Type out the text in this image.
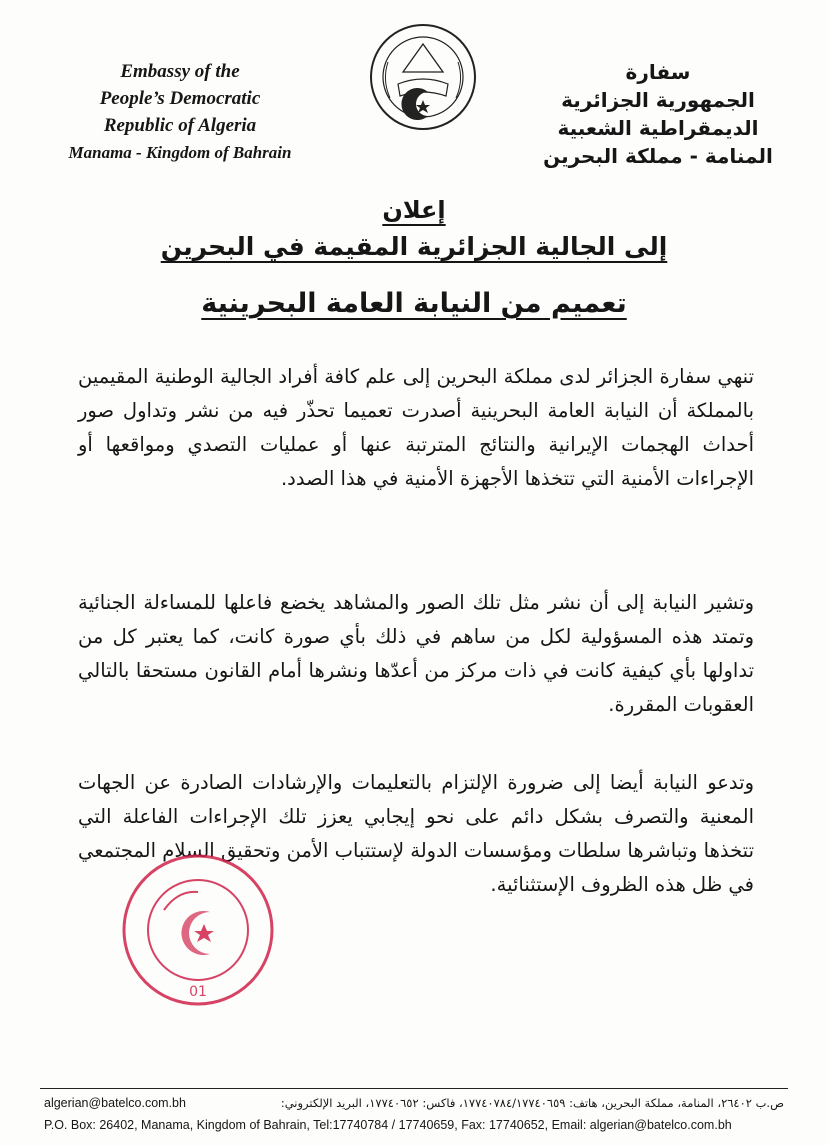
Embassy of the
People’s Democratic
Republic of Algeria
Manama - Kingdom of Bahrain
سفارة
الجمهورية الجزائرية
الديمقراطية الشعبية
المنامة - مملكة البحرين
إعلان
إلى الجالية الجزائرية المقيمة في البحرين
تعميم من النيابة العامة البحرينية
تنهي سفارة الجزائر لدى مملكة البحرين إلى علم كافة أفراد الجالية الوطنية المقيمين بالمملكة أن النيابة العامة البحرينية أصدرت تعميما تحذّر فيه من نشر وتداول صور أحداث الهجمات الإيرانية والنتائج المترتبة عنها أو عمليات التصدي ومواقعها أو الإجراءات الأمنية التي تتخذها الأجهزة الأمنية في هذا الصدد.
وتشير النيابة إلى أن نشر مثل تلك الصور والمشاهد يخضع فاعلها للمساءلة الجنائية وتمتد هذه المسؤولية لكل من ساهم في ذلك بأي صورة كانت، كما يعتبر كل من تداولها بأي كيفية كانت في ذات مركز من أعدّها ونشرها أمام القانون مستحقا بالتالي العقوبات المقررة.
وتدعو النيابة أيضا إلى ضرورة الإلتزام بالتعليمات والإرشادات الصادرة عن الجهات المعنية والتصرف بشكل دائم على نحو إيجابي يعزز تلك الإجراءات الفاعلة التي تتخذها وتباشرها سلطات ومؤسسات الدولة لإستتباب الأمن وتحقيق السلام المجتمعي في ظل هذه الظروف الإستثنائية.
01
algerian@batelco.com.bh	ص.ب ٢٦٤٠٢، المنامة، مملكة البحرين، هاتف: ١٧٧٤٠٧٨٤/١٧٧٤٠٦٥٩، فاكس: ١٧٧٤٠٦٥٢، البريد الإلكتروني:
P.O. Box: 26402, Manama, Kingdom of Bahrain, Tel:17740784 / 17740659, Fax: 17740652, Email: algerian@batelco.com.bh
